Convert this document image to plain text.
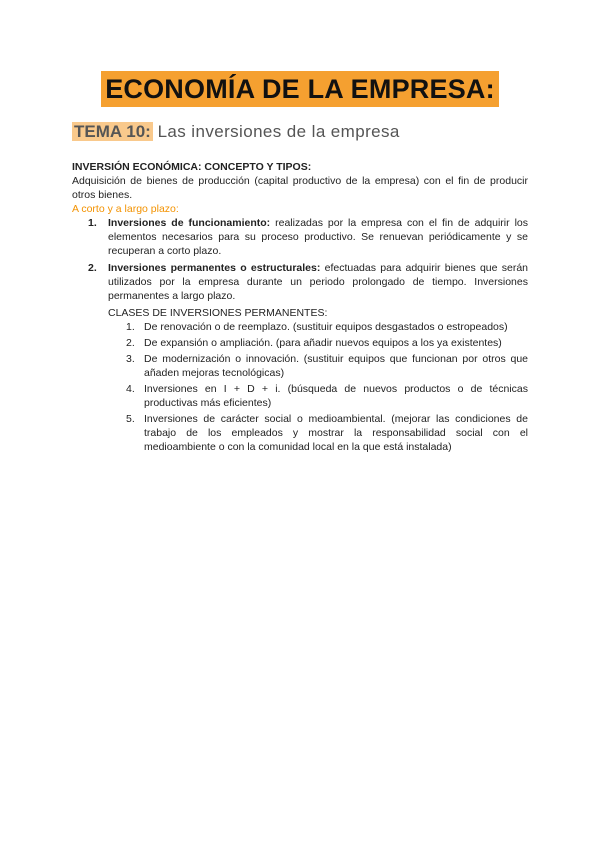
ECONOMÍA DE LA EMPRESA:
TEMA 10: Las inversiones de la empresa

INVERSIÓN ECONÓMICA: CONCEPTO Y TIPOS:

Adquisición de bienes de producción (capital productivo de la empresa) con el fin de producir otros bienes.

A corto y a largo plazo:

1. Inversiones de funcionamiento: realizadas por la empresa con el fin de adquirir los elementos necesarios para su proceso productivo. Se renuevan periódicamente y se recuperan a corto plazo.
2. Inversiones permanentes o estructurales: efectuadas para adquirir bienes que serán utilizados por la empresa durante un periodo prolongado de tiempo. Inversiones permanentes a largo plazo.

CLASES DE INVERSIONES PERMANENTES:

1. De renovación o de reemplazo. (sustituir equipos desgastados o estropeados)
2. De expansión o ampliación. (para añadir nuevos equipos a los ya existentes)
3. De modernización o innovación. (sustituir equipos que funcionan por otros que añaden mejoras tecnológicas)
4. Inversiones en I + D + i. (búsqueda de nuevos productos o de técnicas productivas más eficientes)
5. Inversiones de carácter social o medioambiental. (mejorar las condiciones de trabajo de los empleados y mostrar la responsabilidad social con el medioambiente o con la comunidad local en la que está instalada)
